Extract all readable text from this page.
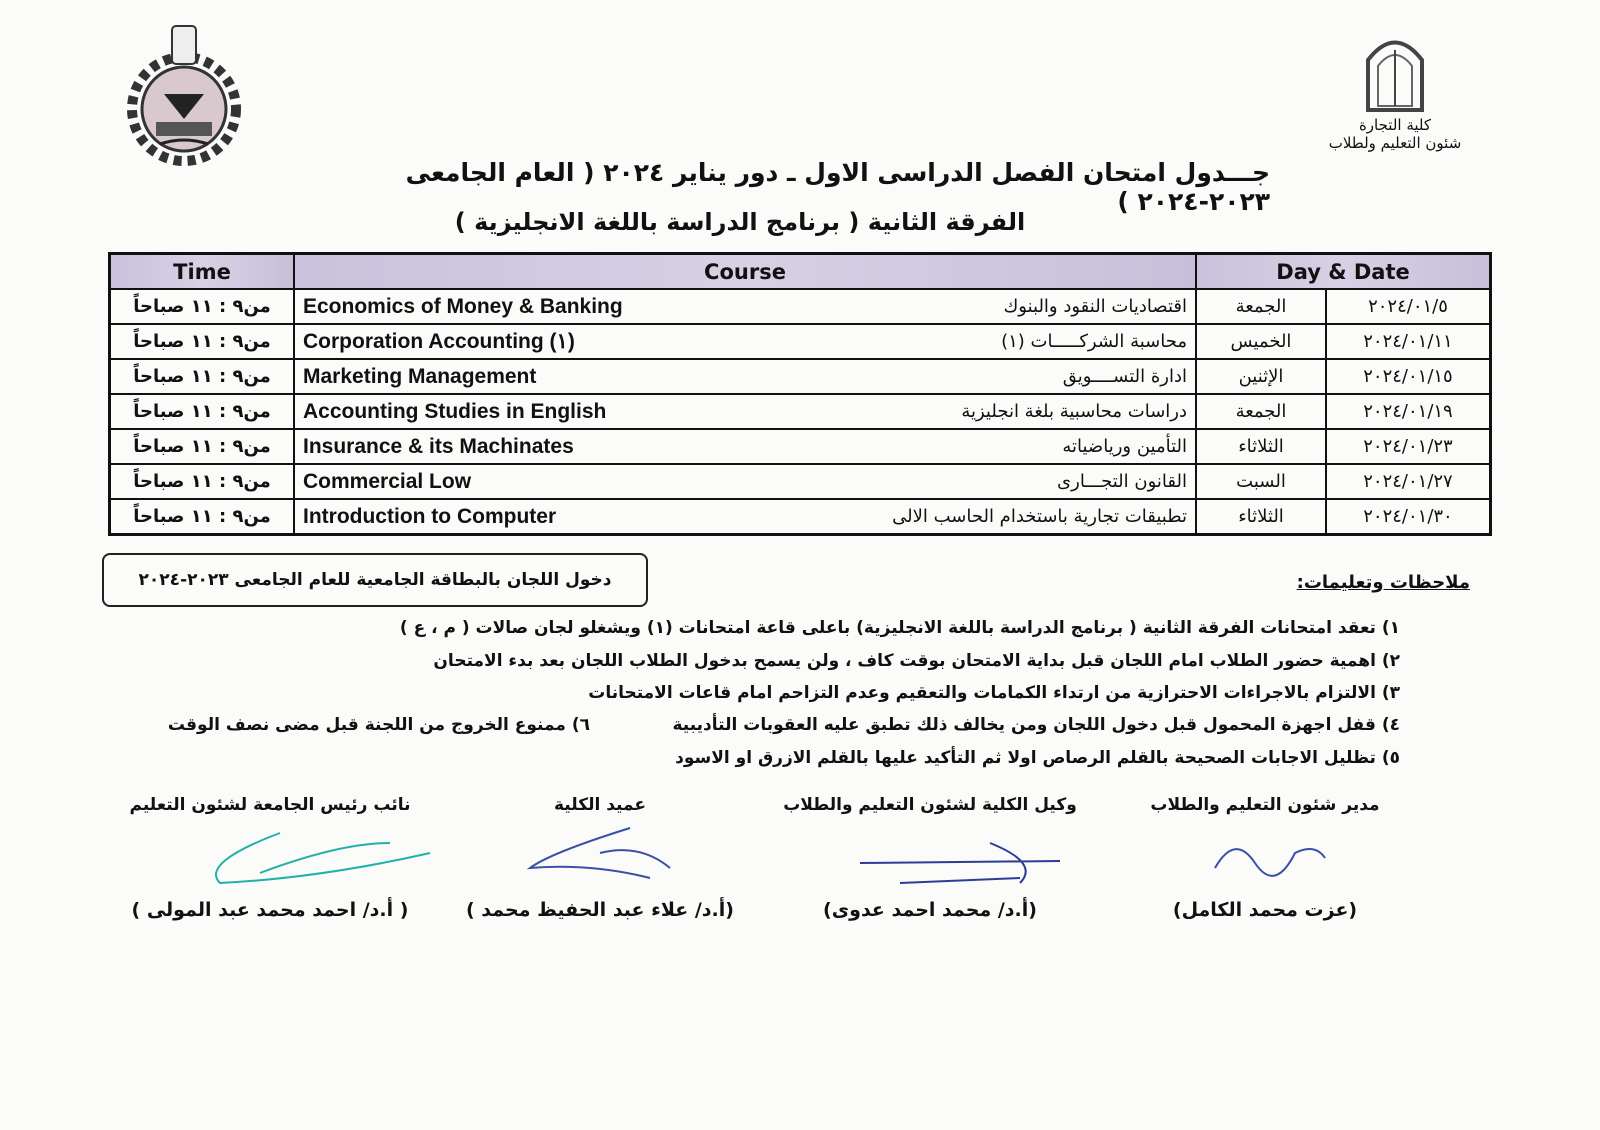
كلية التجارة
شئون التعليم ولطلاب
جـــدول امتحان الفصل الدراسى الاول ـ دور يناير ٢٠٢٤ ( العام الجامعى ٢٠٢٣-٢٠٢٤ )
الفرقة الثانية ( برنامج الدراسة باللغة الانجليزية )
Time	Course	Day & Date	
من٩ : ١١ صباحاً	Economics of Money & Banking اقتصاديات النقود والبنوك	الجمعة	٢٠٢٤/٠١/٥
من٩ : ١١ صباحاً	Corporation Accounting (١) محاسبة الشركـــــات (١)	الخميس	٢٠٢٤/٠١/١١
من٩ : ١١ صباحاً	Marketing Management ادارة التســــويق	الإثنين	٢٠٢٤/٠١/١٥
من٩ : ١١ صباحاً	Accounting Studies in English دراسات محاسبية بلغة انجليزية	الجمعة	٢٠٢٤/٠١/١٩
من٩ : ١١ صباحاً	Insurance & its Machinates التأمين ورياضياته	الثلاثاء	٢٠٢٤/٠١/٢٣
من٩ : ١١ صباحاً	Commercial Low القانون التجـــارى	السبت	٢٠٢٤/٠١/٢٧
من٩ : ١١ صباحاً	Introduction to Computer تطبيقات تجارية باستخدام الحاسب الالى	الثلاثاء	٢٠٢٤/٠١/٣٠
دخول اللجان بالبطاقة الجامعية للعام الجامعى ٢٠٢٣-٢٠٢٤	ملاحظات وتعليمات:
١) تعقد امتحانات الفرقة الثانية ( برنامج الدراسة باللغة الانجليزية) باعلى قاعة امتحانات (١) ويشغلو لجان صالات ( م ، ع )
٢) اهمية حضور الطلاب امام اللجان قبل بداية الامتحان بوقت كاف ، ولن يسمح بدخول الطلاب اللجان بعد بدء الامتحان
٣) الالتزام بالاجراءات الاحترازية من ارتداء الكمامات والتعقيم وعدم التزاحم امام قاعات الامتحانات
٤) قفل اجهزة المحمول قبل دخول اللجان ومن يخالف ذلك تطبق عليه العقوبات التأديبية
٥) تظليل الاجابات الصحيحة بالقلم الرصاص اولا ثم التأكيد عليها بالقلم الازرق او الاسود
٦) ممنوع الخروج من اللجنة قبل مضى نصف الوقت
مدير شئون التعليم والطلاب
(عزت محمد الكامل)
وكيل الكلية لشئون التعليم والطلاب
(أ.د/ محمد احمد عدوى)
عميد الكلية
(أ.د/ علاء عبد الحفيظ محمد )
نائب رئيس الجامعة لشئون التعليم
( أ.د/ احمد محمد عبد المولى )
